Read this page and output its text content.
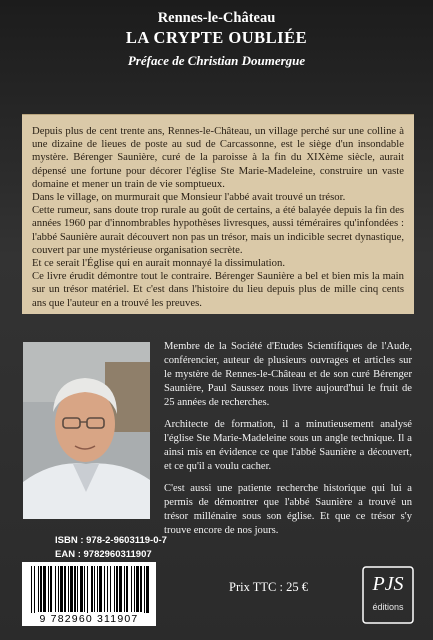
Rennes-le-Château
LA CRYPTE OUBLIÉE
Préface de Christian Doumergue

Depuis plus de cent trente ans, Rennes-le-Château, un village perché sur une colline à une dizaine de lieues de poste au sud de Carcassonne, est le siège d'un insondable mystère. Bérenger Saunière, curé de la paroisse à la fin du XIXème siècle, aurait dépensé une fortune pour décorer l'église Ste Marie-Madeleine, construire un vaste domaine et mener un train de vie somptueux.

Dans le village, on murmurait que Monsieur l'abbé avait trouvé un trésor.

Cette rumeur, sans doute trop rurale au goût de certains, a été balayée depuis la fin des années 1960 par d'innombrables hypothèses livresques, aussi téméraires qu'infondées : l'abbé Saunière aurait découvert non pas un trésor, mais un indicible secret dynastique, couvert par une mystérieuse organisation secrète.

Et ce serait l'Église qui en aurait monnayé la dissimulation.

Ce livre érudit démontre tout le contraire. Bérenger Saunière a bel et bien mis la main sur un trésor matériel. Et c'est dans l'histoire du lieu depuis plus de mille cinq cents ans que l'auteur en a trouvé les preuves.

Membre de la Société d'Etudes Scientifiques de l'Aude, conférencier, auteur de plusieurs ouvrages et articles sur le mystère de Rennes-le-Château et de son curé Bérenger Saunière, Paul Saussez nous livre aujourd'hui le fruit de 25 années de recherches.

Architecte de formation, il a minutieusement analysé l'église Ste Marie-Madeleine sous un angle technique. Il a ainsi mis en évidence ce que l'abbé Saunière a découvert, et ce qu'il a voulu cacher.

C'est aussi une patiente recherche historique qui lui a permis de démontrer que l'abbé Saunière a trouvé un trésor millénaire sous son église. Et que ce trésor s'y trouve encore de nos jours.

ISBN : 978-2-9603119-0-7
EAN : 9782960311907
9 782960 311907
Prix TTC : 25 €	PJS
éditions
